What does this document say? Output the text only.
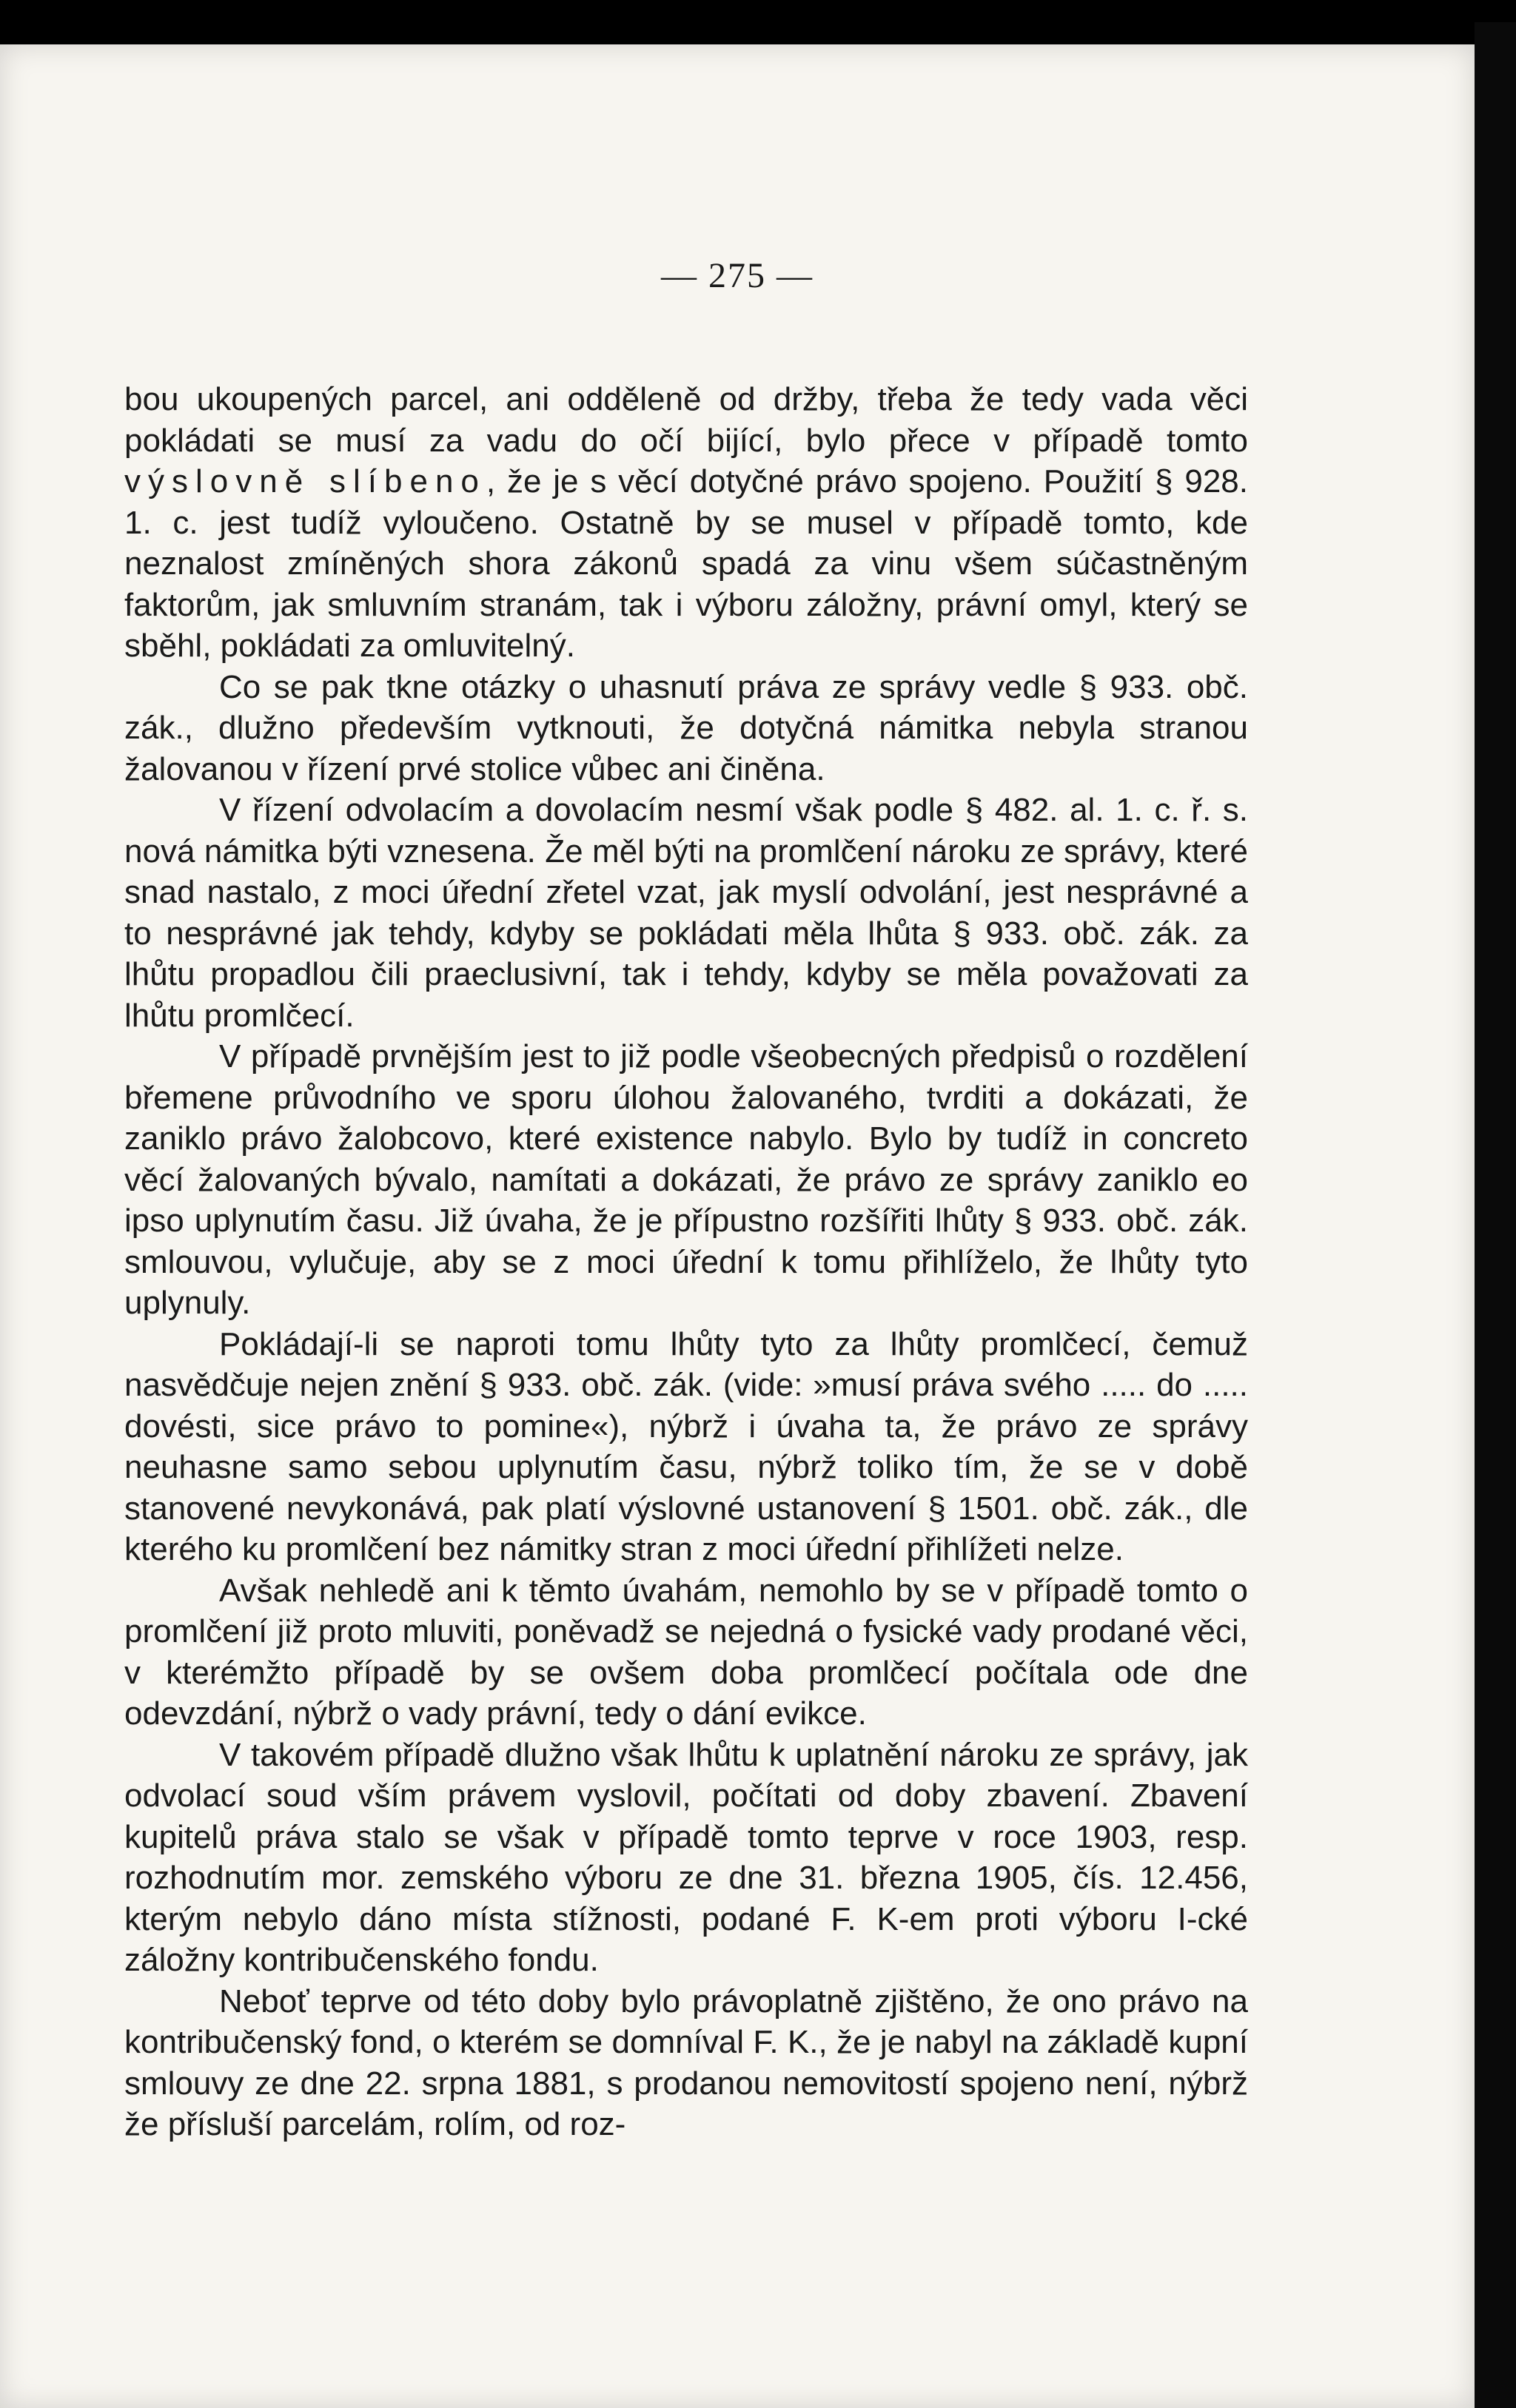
— 275 —

bou ukoupených parcel, ani odděleně od držby, třeba že tedy vada věci pokládati se musí za vadu do očí bijící, bylo přece v případě tomto výslovně slíbeno, že je s věcí dotyčné právo spojeno. Použití § 928. 1. c. jest tudíž vyloučeno. Ostatně by se musel v případě tomto, kde neznalost zmíněných shora zákonů spadá za vinu všem súčastněným faktorům, jak smluvním stranám, tak i výboru záložny, právní omyl, který se sběhl, pokládati za omluvitelný.

Co se pak tkne otázky o uhasnutí práva ze správy vedle § 933. obč. zák., dlužno především vytknouti, že dotyčná námitka nebyla stranou žalovanou v řízení prvé stolice vůbec ani činěna.

V řízení odvolacím a dovolacím nesmí však podle § 482. al. 1. c. ř. s. nová námitka býti vznesena. Že měl býti na promlčení nároku ze správy, které snad nastalo, z moci úřední zřetel vzat, jak myslí odvolání, jest nesprávné a to nesprávné jak tehdy, kdyby se pokládati měla lhůta § 933. obč. zák. za lhůtu propadlou čili praeclusivní, tak i tehdy, kdyby se měla považovati za lhůtu promlčecí.

V případě prvnějším jest to již podle všeobecných předpisů o rozdělení břemene průvodního ve sporu úlohou žalovaného, tvrditi a dokázati, že zaniklo právo žalobcovo, které existence nabylo. Bylo by tudíž in concreto věcí žalovaných bývalo, namítati a dokázati, že právo ze správy zaniklo eo ipso uplynutím času. Již úvaha, že je přípustno rozšířiti lhůty § 933. obč. zák. smlouvou, vylučuje, aby se z moci úřední k tomu přihlíželo, že lhůty tyto uplynuly.

Pokládají-li se naproti tomu lhůty tyto za lhůty promlčecí, čemuž nasvědčuje nejen znění § 933. obč. zák. (vide: »musí práva svého ..... do ..... dovésti, sice právo to pomine«), nýbrž i úvaha ta, že právo ze správy neuhasne samo sebou uplynutím času, nýbrž toliko tím, že se v době stanovené nevykonává, pak platí výslovné ustanovení § 1501. obč. zák., dle kterého ku promlčení bez námitky stran z moci úřední přihlížeti nelze.

Avšak nehledě ani k těmto úvahám, nemohlo by se v případě tomto o promlčení již proto mluviti, poněvadž se nejedná o fysické vady prodané věci, v kterémžto případě by se ovšem doba promlčecí počítala ode dne odevzdání, nýbrž o vady právní, tedy o dání evikce.

V takovém případě dlužno však lhůtu k uplatnění nároku ze správy, jak odvolací soud vším právem vyslovil, počítati od doby zbavení. Zbavení kupitelů práva stalo se však v případě tomto teprve v roce 1903, resp. rozhodnutím mor. zemského výboru ze dne 31. března 1905, čís. 12.456, kterým nebylo dáno místa stížnosti, podané F. K-em proti výboru I-cké záložny kontribučenského fondu.

Neboť teprve od této doby bylo právoplatně zjištěno, že ono právo na kontribučenský fond, o kterém se domníval F. K., že je nabyl na základě kupní smlouvy ze dne 22. srpna 1881, s prodanou nemovitostí spojeno není, nýbrž že přísluší parcelám, rolím, od roz-
